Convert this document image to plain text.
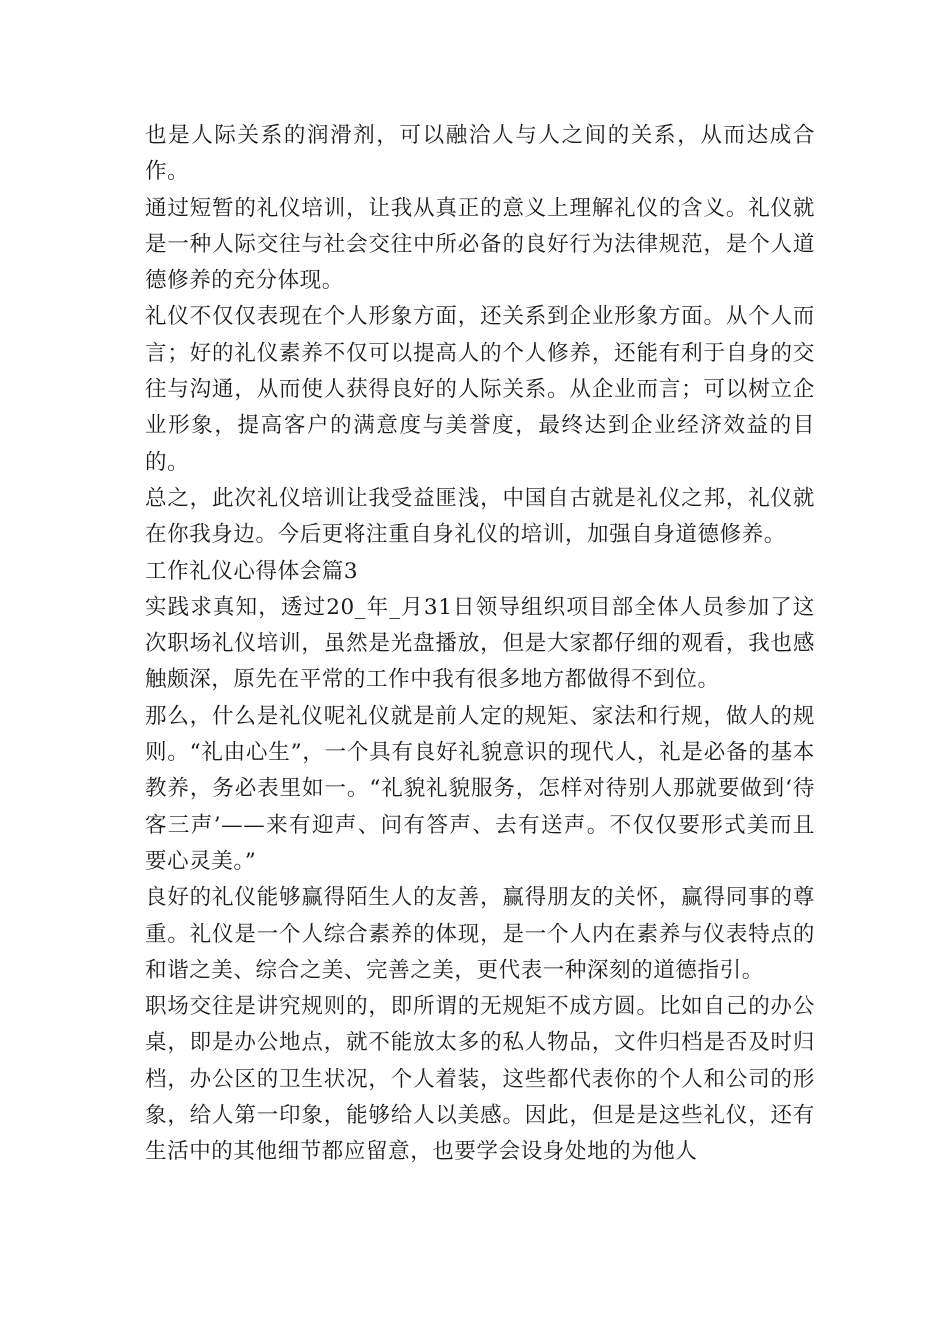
也是人际关系的润滑剂，可以融洽人与人之间的关系，从而达成合作。

通过短暂的礼仪培训，让我从真正的意义上理解礼仪的含义。礼仪就是一种人际交往与社会交往中所必备的良好行为法律规范，是个人道德修养的充分体现。

礼仪不仅仅表现在个人形象方面，还关系到企业形象方面。从个人而言；好的礼仪素养不仅可以提高人的个人修养，还能有利于自身的交往与沟通，从而使人获得良好的人际关系。从企业而言；可以树立企业形象，提高客户的满意度与美誉度，最终达到企业经济效益的目的。

总之，此次礼仪培训让我受益匪浅，中国自古就是礼仪之邦，礼仪就在你我身边。今后更将注重自身礼仪的培训，加强自身道德修养。

工作礼仪心得体会篇3

实践求真知，透过20_年_月31日领导组织项目部全体人员参加了这次职场礼仪培训，虽然是光盘播放，但是大家都仔细的观看，我也感触颇深，原先在平常的工作中我有很多地方都做得不到位。

那么，什么是礼仪呢礼仪就是前人定的规矩、家法和行规，做人的规则。“礼由心生”，一个具有良好礼貌意识的现代人，礼是必备的基本教养，务必表里如一。“礼貌礼貌服务，怎样对待别人那就要做到‘待客三声’——来有迎声、问有答声、去有送声。不仅仅要形式美而且要心灵美。”

良好的礼仪能够赢得陌生人的友善，赢得朋友的关怀，赢得同事的尊重。礼仪是一个人综合素养的体现，是一个人内在素养与仪表特点的和谐之美、综合之美、完善之美，更代表一种深刻的道德指引。

职场交往是讲究规则的，即所谓的无规矩不成方圆。比如自己的办公桌，即是办公地点，就不能放太多的私人物品，文件归档是否及时归档，办公区的卫生状况，个人着装，这些都代表你的个人和公司的形象，给人第一印象，能够给人以美感。因此，但是是这些礼仪，还有生活中的其他细节都应留意，也要学会设身处地的为他人
